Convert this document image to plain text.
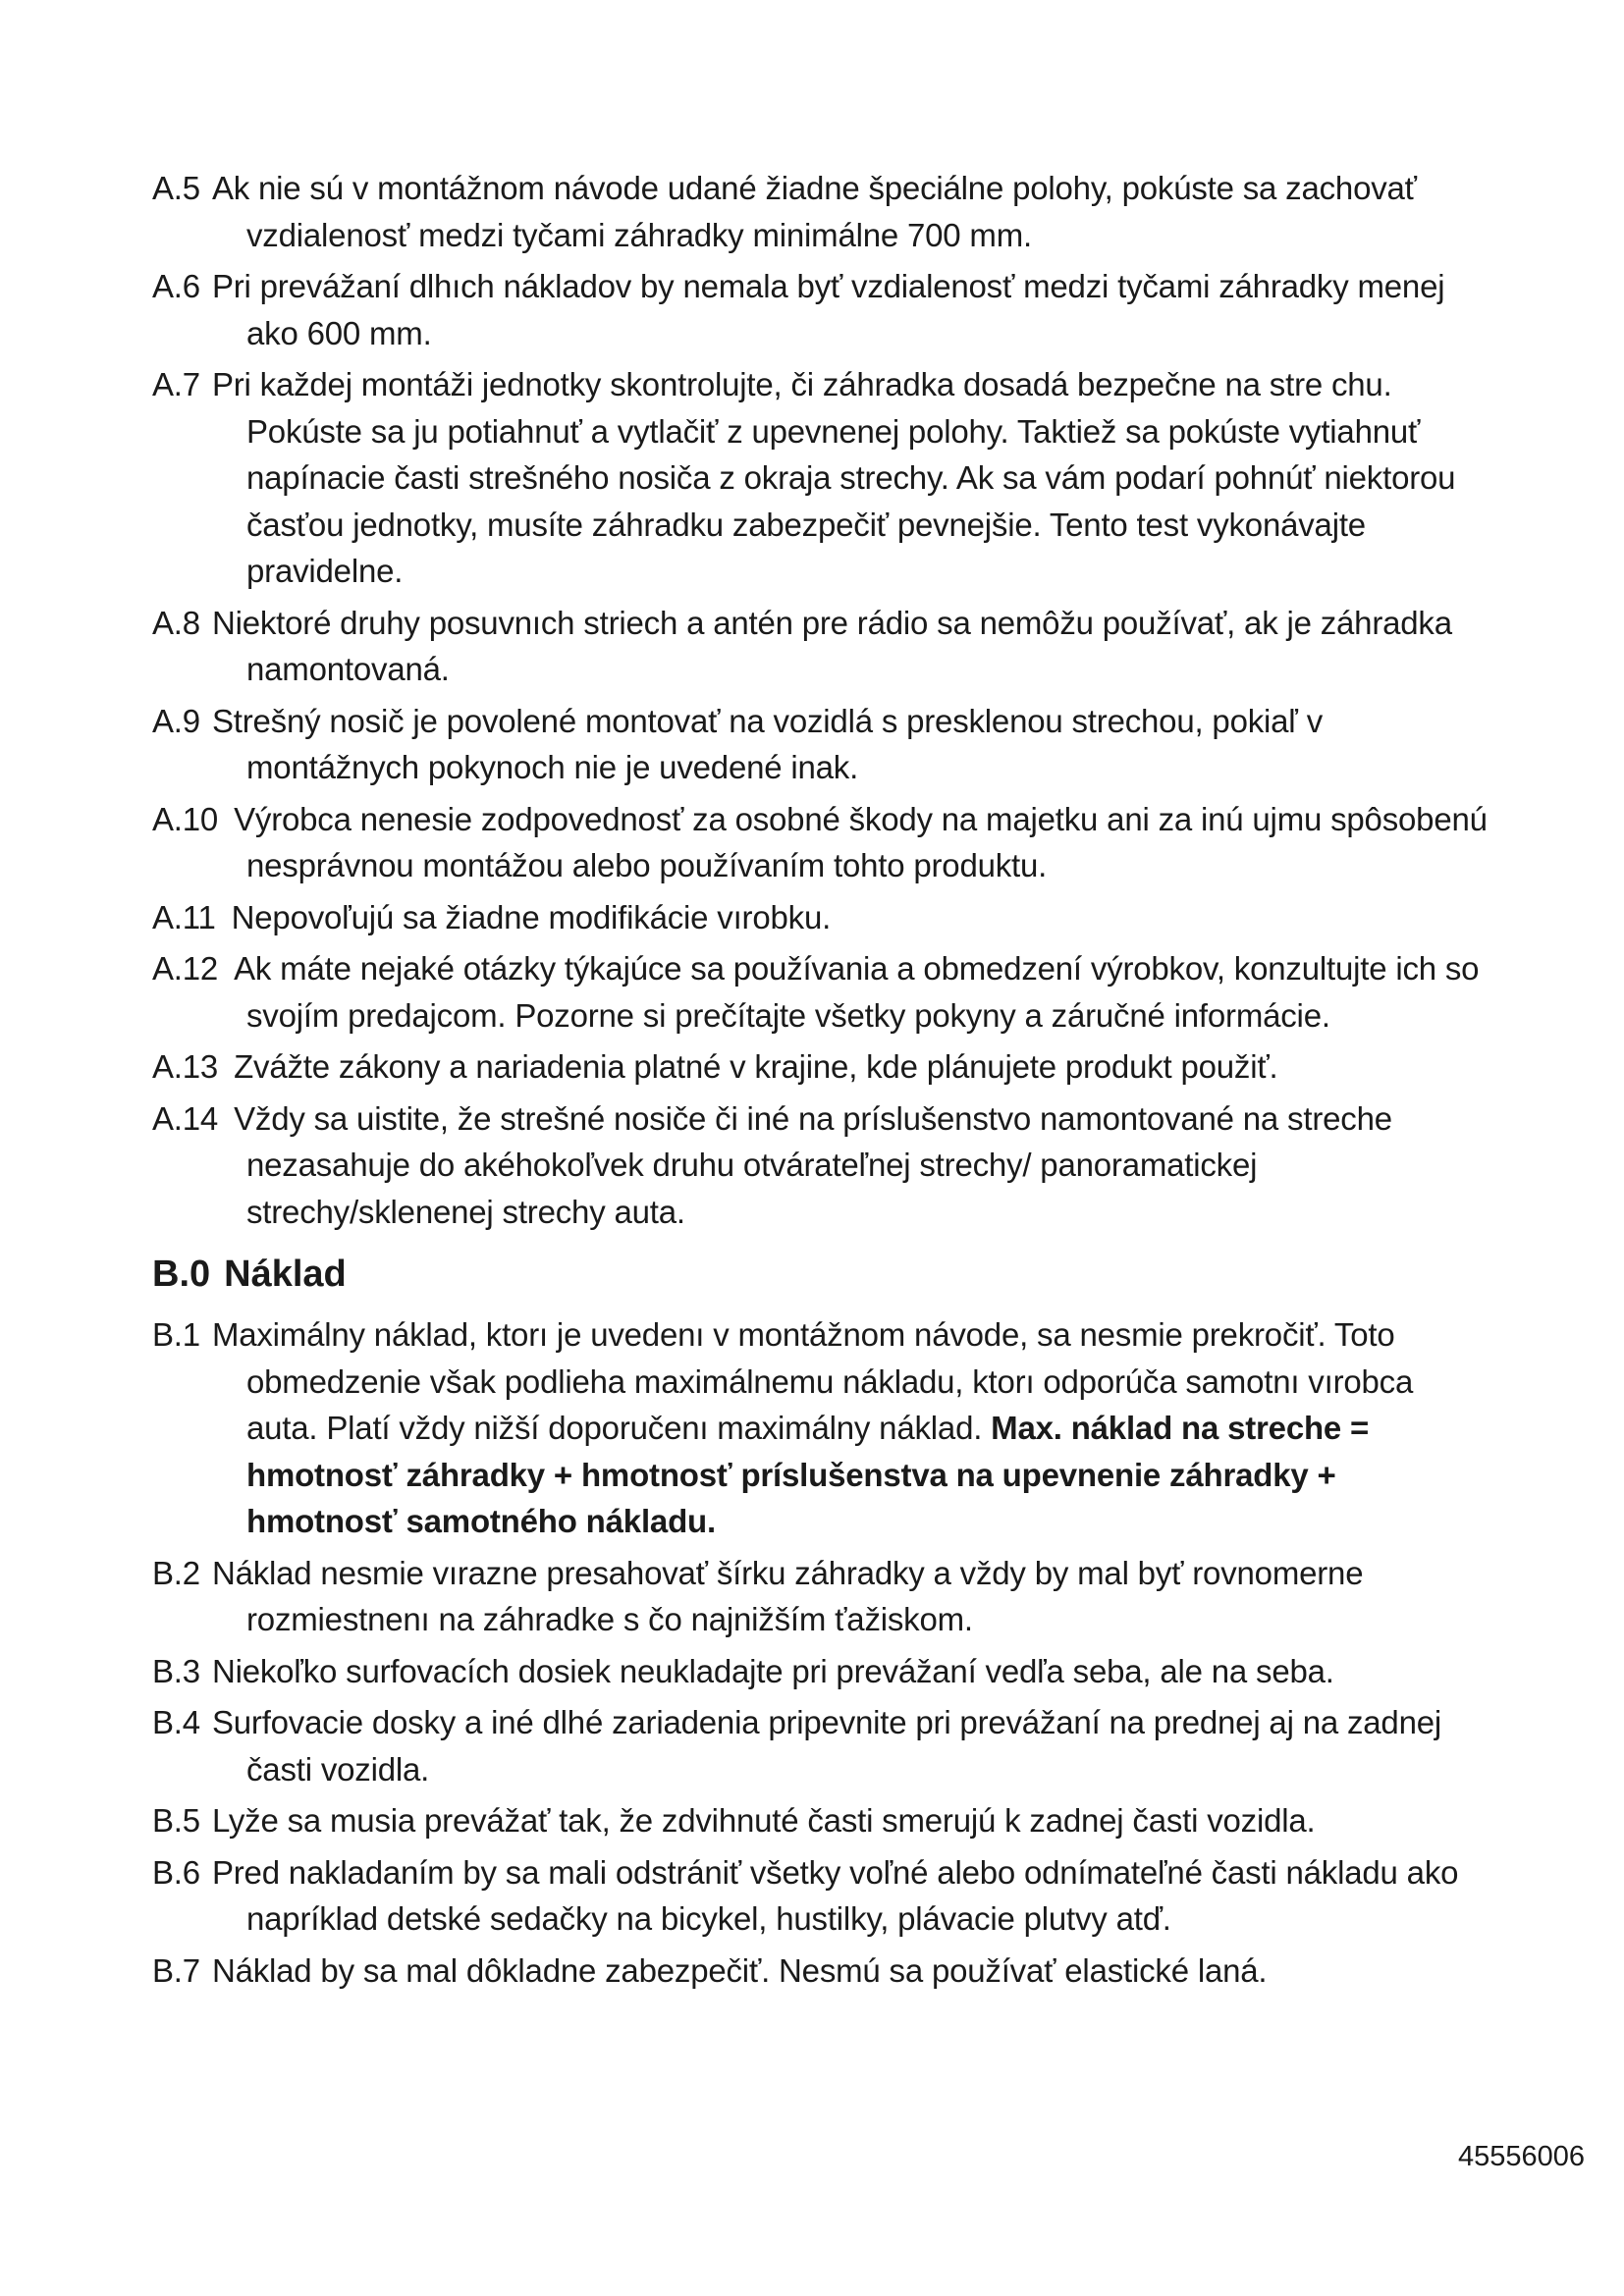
A.5 Ak nie sú v montážnom návode udané žiadne špeciálne polohy, pokúste sa zachovať vzdialenosť medzi tyčami záhradky minimálne 700 mm.
A.6 Pri prevážaní dlhıch nákladov by nemala byť vzdialenosť medzi tyčami záhradky menej ako 600 mm.
A.7 Pri každej montáži jednotky skontrolujte, či záhradka dosadá bezpečne na stre chu. Pokúste sa ju potiahnuť a vytlačiť z upevnenej polohy. Taktiež sa pokúste vytiahnuť napínacie časti strešného nosiča z okraja strechy. Ak sa vám podarí pohnúť niektorou časťou jednotky, musíte záhradku zabezpečiť pevnejšie. Tento test vykonávajte pravidelne.
A.8 Niektoré druhy posuvnıch striech a antén pre rádio sa nemôžu používať, ak je záhradka namontovaná.
A.9 Strešný nosič je povolené montovať na vozidlá s presklenou strechou, pokiaľ v montážnych pokynoch nie je uvedené inak.
A.10 Výrobca nenesie zodpovednosť za osobné škody na majetku ani za inú ujmu spôsobenú nesprávnou montážou alebo používaním tohto produktu.
A.11 Nepovoľujú sa žiadne modifikácie vırobku.
A.12 Ak máte nejaké otázky týkajúce sa používania a obmedzení výrobkov, konzultujte ich so svojím predajcom. Pozorne si prečítajte všetky pokyny a záručné informácie.
A.13 Zvážte zákony a nariadenia platné v krajine, kde plánujete produkt použiť.
A.14 Vždy sa uistite, že strešné nosiče či iné na príslušenstvo namontované na streche nezasahuje do akéhokoľvek druhu otvárateľnej strechy/ panoramatickej strechy/sklenenej strechy auta.
B.0 Náklad
B.1 Maximálny náklad, ktorı je uvedenı v montážnom návode, sa nesmie prekročiť. Toto obmedzenie však podlieha maximálnemu nákladu, ktorı odporúča samotnı vırobca auta. Platí vždy nižší doporučenı maximálny náklad. Max. náklad na streche = hmotnosť záhradky + hmotnosť príslušenstva na upevnenie záhradky + hmotnosť samotného nákladu.
B.2 Náklad nesmie vırazne presahovať šírku záhradky a vždy by mal byť rovnomerne rozmiestnenı na záhradke s čo najnižším ťažiskom.
B.3 Niekoľko surfovacích dosiek neukladajte pri prevážaní vedľa seba, ale na seba.
B.4 Surfovacie dosky a iné dlhé zariadenia pripevnite pri prevážaní na prednej aj na zadnej časti vozidla.
B.5 Lyže sa musia prevážať tak, že zdvihnuté časti smerujú k zadnej časti vozidla.
B.6 Pred nakladaním by sa mali odstrániť všetky voľné alebo odnímateľné časti nákladu ako napríklad detské sedačky na bicykel, hustilky, plávacie plutvy atď.
B.7 Náklad by sa mal dôkladne zabezpečiť. Nesmú sa používať elastické laná.
45556006
